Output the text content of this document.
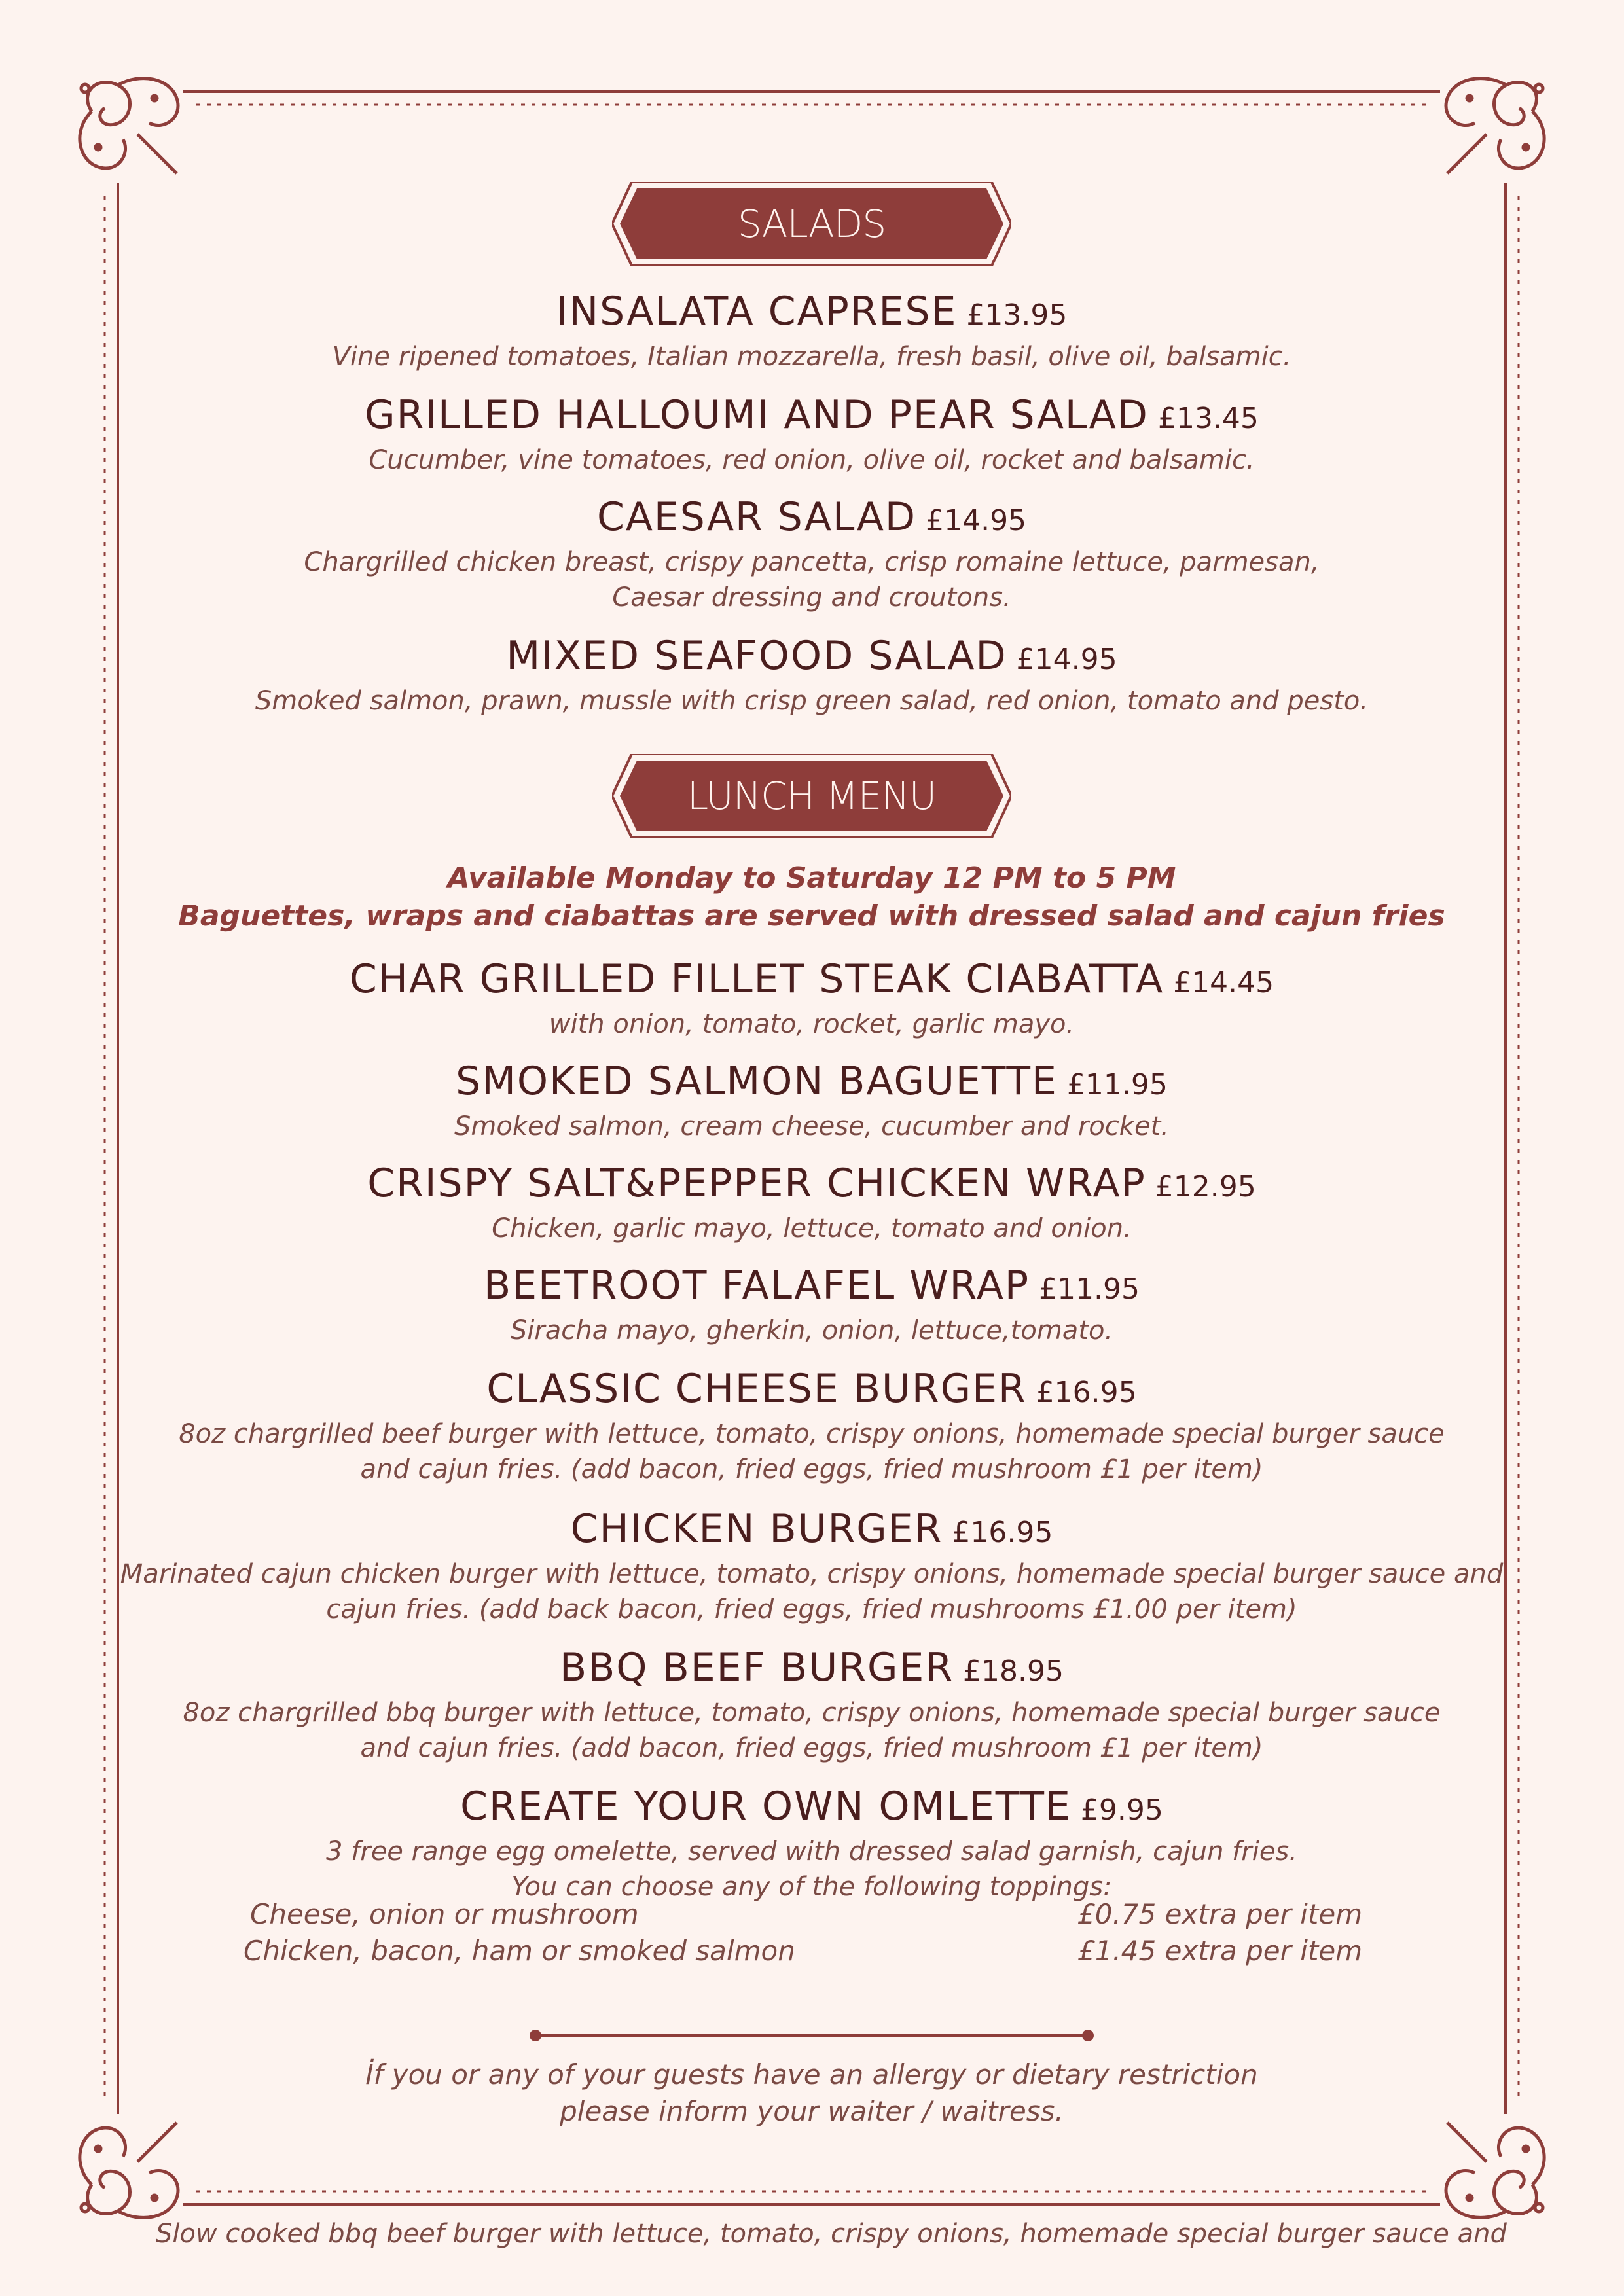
SALADS
INSALATA CAPRESE £13.95
Vine ripened tomatoes, Italian mozzarella, fresh basil, olive oil, balsamic.
GRILLED HALLOUMI AND PEAR SALAD £13.45
Cucumber, vine tomatoes, red onion, olive oil, rocket and balsamic.
CAESAR SALAD £14.95
Chargrilled chicken breast, crispy pancetta, crisp romaine lettuce, parmesan,
Caesar dressing and croutons.
MIXED SEAFOOD SALAD £14.95
Smoked salmon, prawn, mussle with crisp green salad, red onion, tomato and pesto.
LUNCH MENU
Available Monday to Saturday 12 PM to 5 PM
Baguettes, wraps and ciabattas are served with dressed salad and cajun fries
CHAR GRILLED FILLET STEAK CIABATTA £14.45
with onion, tomato, rocket, garlic mayo.
SMOKED SALMON BAGUETTE £11.95
Smoked salmon, cream cheese, cucumber and rocket.
CRISPY SALT&PEPPER CHICKEN WRAP £12.95
Chicken, garlic mayo, lettuce, tomato and onion.
BEETROOT FALAFEL WRAP £11.95
Siracha mayo, gherkin, onion, lettuce,tomato.
CLASSIC CHEESE BURGER £16.95
8oz chargrilled beef burger with lettuce, tomato, crispy onions, homemade special burger sauce
and cajun fries. (add bacon, fried eggs, fried mushroom £1 per item)
CHICKEN BURGER £16.95
Marinated cajun chicken burger with lettuce, tomato, crispy onions, homemade special burger sauce and
cajun fries. (add back bacon, fried eggs, fried mushrooms £1.00 per item)
BBQ BEEF BURGER £18.95
8oz chargrilled bbq burger with lettuce, tomato, crispy onions, homemade special burger sauce
and cajun fries. (add bacon, fried eggs, fried mushroom £1 per item)
CREATE YOUR OWN OMLETTE £9.95
3 free range egg omelette, served with dressed salad garnish, cajun fries.
You can choose any of the following toppings:
Cheese, onion or mushroom	£0.75 extra per item
Chicken, bacon, ham or smoked salmon	£1.45 extra per item
İf you or any of your guests have an allergy or dietary restriction
please inform your waiter / waitress.
Slow cooked bbq beef burger with lettuce, tomato, crispy onions, homemade special burger sauce and
